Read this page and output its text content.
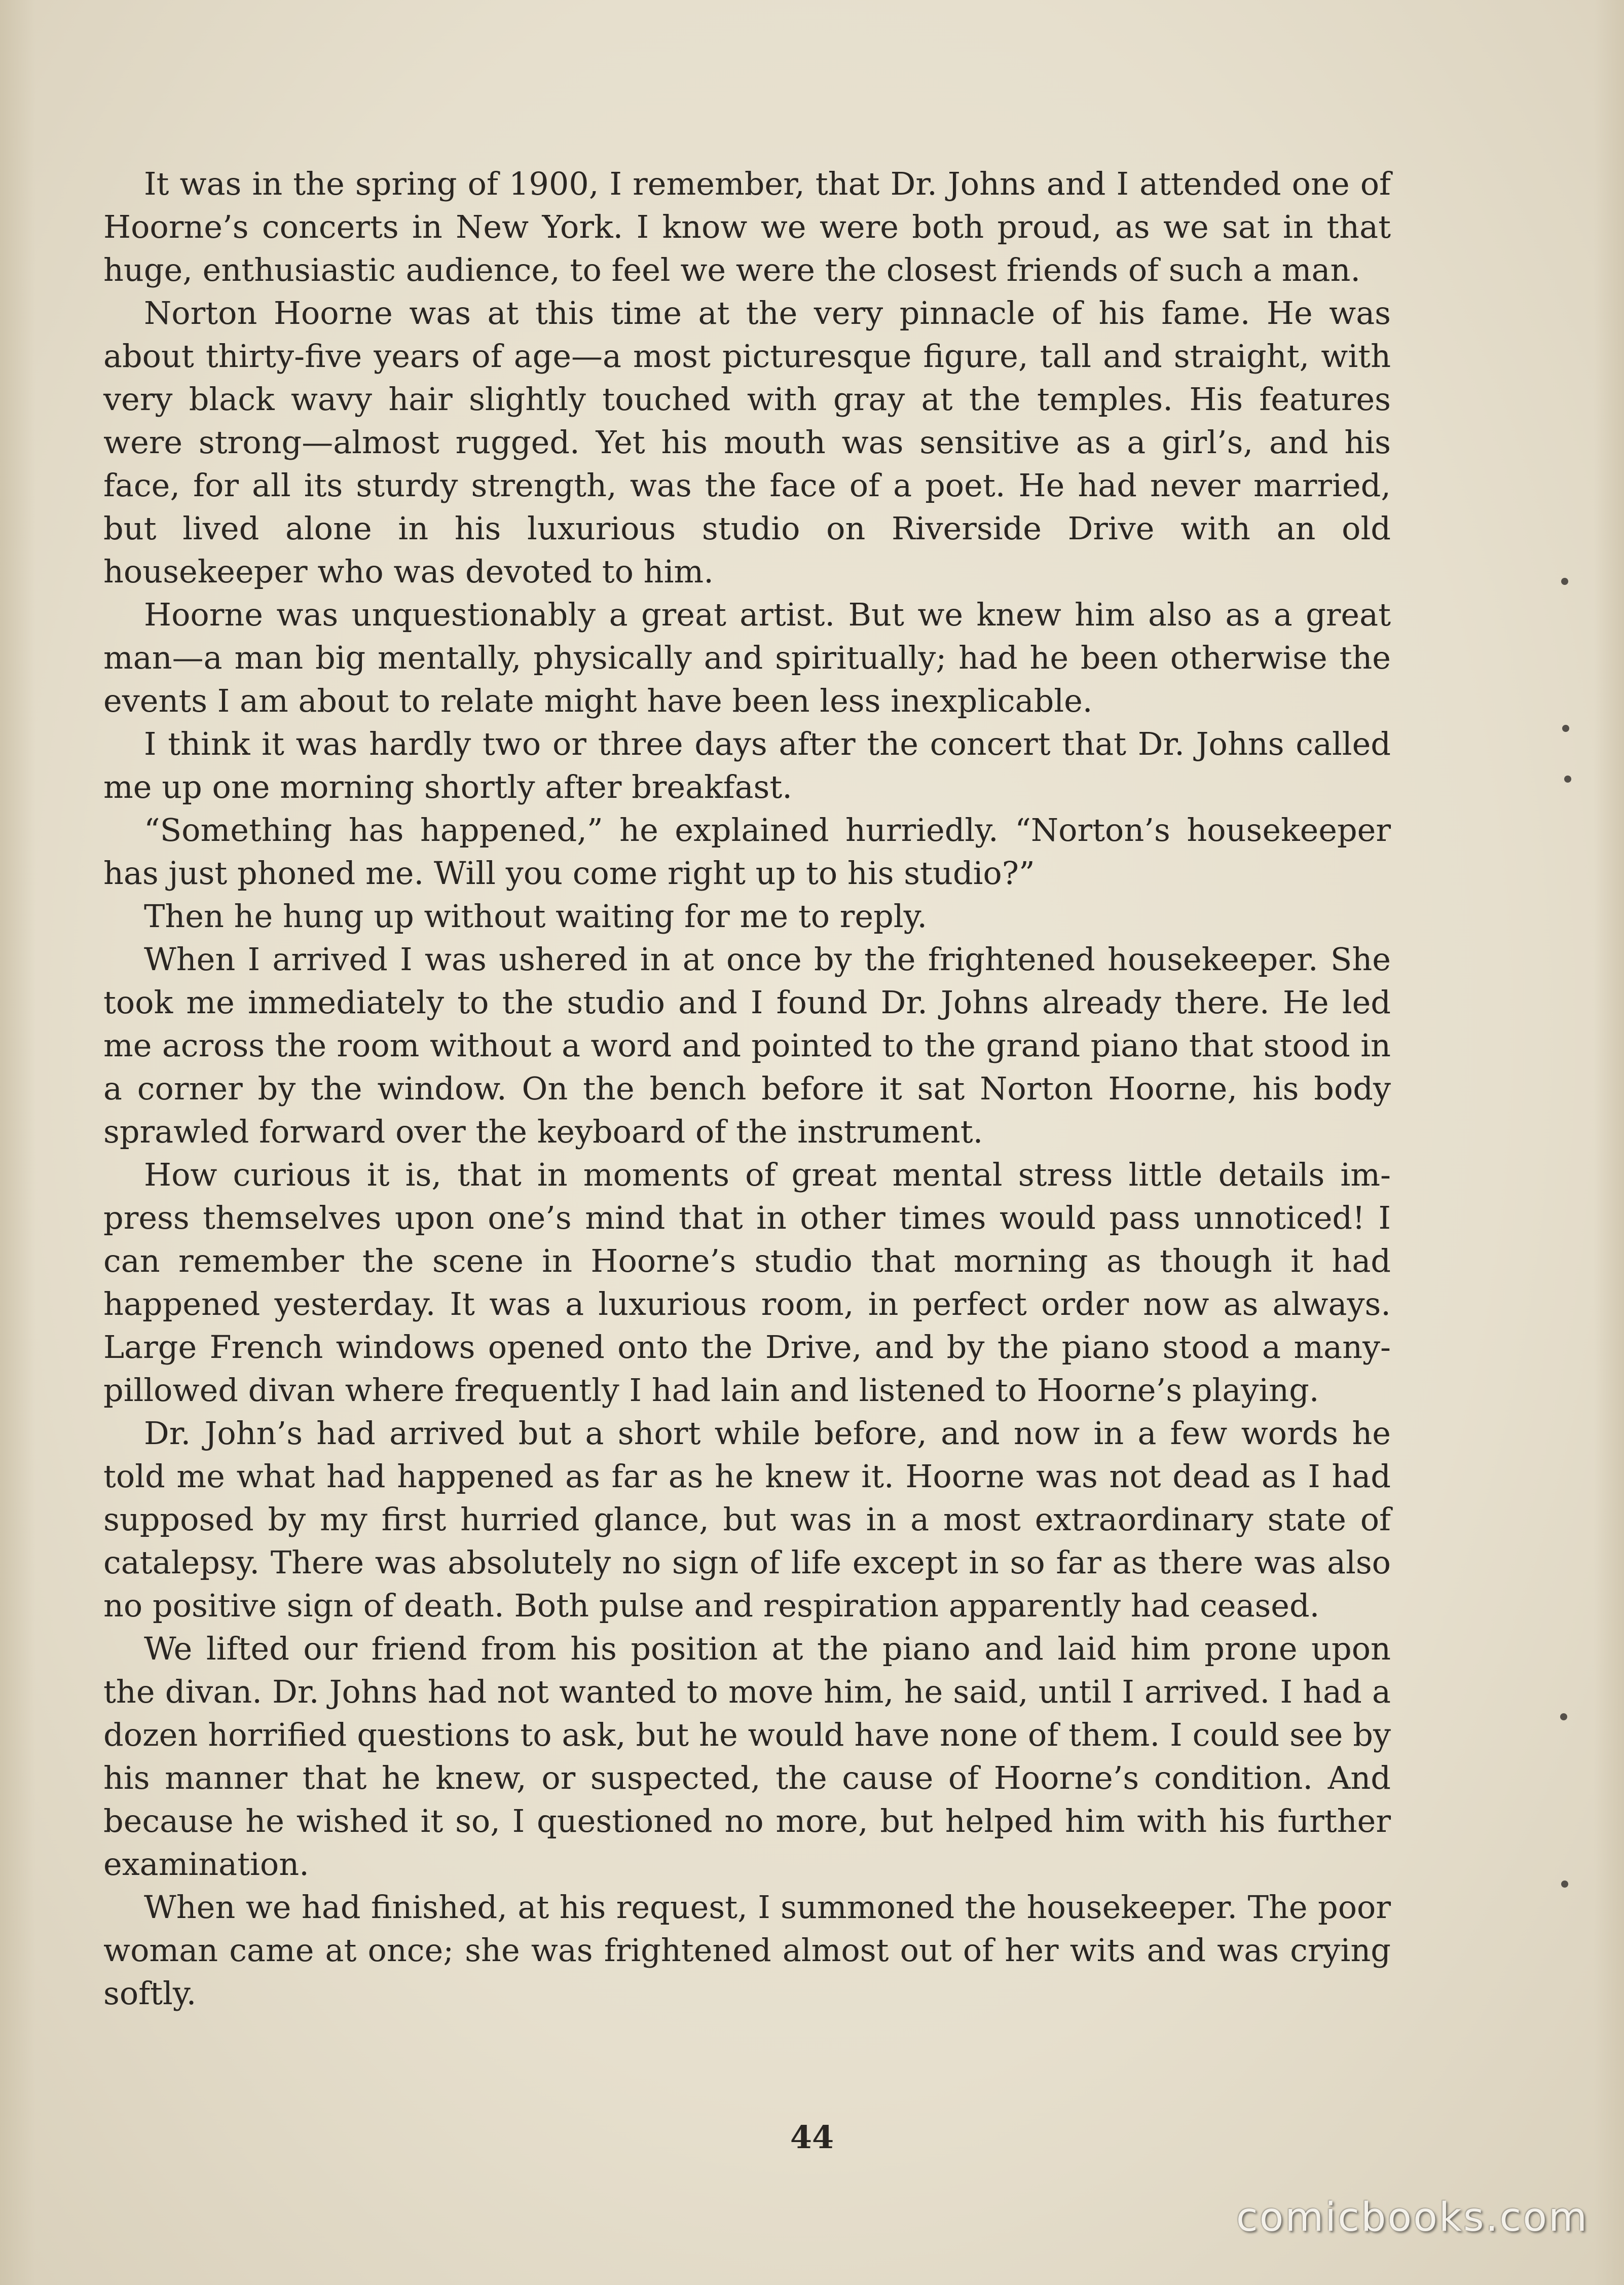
It was in the spring of 1900, I remember, that Dr. Johns and I attended one of Hoorne’s concerts in New York. I know we were both proud, as we sat in that huge, enthusiastic audience, to feel we were the closest friends of such a man.

Norton Hoorne was at this time at the very pinnacle of his fame. He was about thirty-five years of age—a most picturesque figure, tall and straight, with very black wavy hair slightly touched with gray at the temples. His features were strong—almost rugged. Yet his mouth was sensitive as a girl’s, and his face, for all its sturdy strength, was the face of a poet. He had never married, but lived alone in his luxurious studio on Riverside Drive with an old housekeeper who was devoted to him.

Hoorne was unquestionably a great artist. But we knew him also as a great man—a man big mentally, physically and spiritually; had he been otherwise the events I am about to relate might have been less inexplicable.

I think it was hardly two or three days after the concert that Dr. Johns called me up one morning shortly after breakfast.

“Something has happened,” he explained hurriedly. “Norton’s housekeeper has just phoned me. Will you come right up to his studio?”

Then he hung up without waiting for me to reply.

When I arrived I was ushered in at once by the frightened housekeeper. She took me immediately to the studio and I found Dr. Johns already there. He led me across the room without a word and pointed to the grand piano that stood in a corner by the window. On the bench before it sat Norton Hoorne, his body sprawled forward over the keyboard of the instrument.

How curious it is, that in moments of great mental stress little details impress themselves upon one’s mind that in other times would pass unnoticed! I can remember the scene in Hoorne’s studio that morning as though it had happened yesterday. It was a luxurious room, in perfect order now as always. Large French windows opened onto the Drive, and by the piano stood a many-pillowed divan where frequently I had lain and listened to Hoorne’s playing.

Dr. John’s had arrived but a short while before, and now in a few words he told me what had happened as far as he knew it. Hoorne was not dead as I had supposed by my first hurried glance, but was in a most extraordinary state of catalepsy. There was absolutely no sign of life except in so far as there was also no positive sign of death. Both pulse and respiration apparently had ceased.

We lifted our friend from his position at the piano and laid him prone upon the divan. Dr. Johns had not wanted to move him, he said, until I arrived. I had a dozen horrified questions to ask, but he would have none of them. I could see by his manner that he knew, or suspected, the cause of Hoorne’s condition. And because he wished it so, I questioned no more, but helped him with his further examination.

When we had finished, at his request, I summoned the housekeeper. The poor woman came at once; she was frightened almost out of her wits and was crying softly.

44
comicbooks.com
